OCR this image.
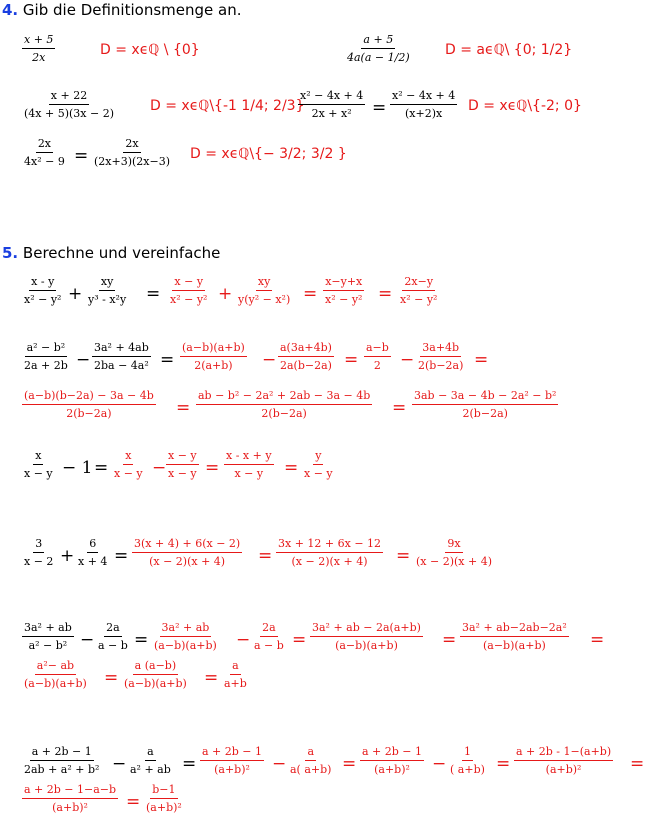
4. Gib die Definitionsmenge an.
$\frac{x + 5}{2x}$	D = xϵℚ \ {0}	$\frac{a + 5}{4a(a - 1/2)}$ D = aϵℚ\ {0; 1/2}
$\frac{x + 22}{(4x + 5)(3x - 2)}$ D = xϵℚ\{-1 1/4; 2/3}
$\frac{\text{x² − 4x + 4}}{\text{2x + x²}} = \frac{\text{x² − 4x + 4}}{(x+2)x}$ D = xϵℚ\{-2; 0}
$\frac{2x}{\text{4x² − 9}} = \frac{2x}{(2x+3)(2x-3)}$ D = xϵℚ\{− 3/2; 3/2 }
5. Berechne und vereinfache
$\frac{x - y}{\text{x² − y²}} + \frac{xy}{\text{y³ - x²y}} = \frac{x - y}{\text{x² − y²}} + \frac{xy}{\text{y(y² − x²)}} = \frac{x-y+x}{\text{x² − y²}} = \frac{2x-y}{\text{x² − y²}}$
$\frac{\text{a² − b²}}{2a + 2b} - \frac{\text{3a² + 4ab}}{\text{2ba − 4a²}} = \frac{(a-b)(a+b)}{2(a+b)} - \frac{a(3a+4b)}{2a(b-2a)} = \frac{a-b}{2} - \frac{3a+4b}{2(b-2a)}$ =
$\frac{(a-b)(b-2a) - 3a - 4b}{2(b-2a)} = \frac{\text{ab − b² − 2a² + 2ab − 3a − 4b}}{2(b-2a)} = \frac{\text{3ab − 3a − 4b − 2a² − b²}}{2(b-2a)}$
$\frac{x}{x - y} - 1 = \frac{x}{x - y} - \frac{x - y}{x - y} = \frac{x - x + y}{x - y} = \frac{y}{x - y}$
$\frac{3}{x - 2} + \frac{6}{x + 4} = \frac{3(x + 4) + 6(x - 2)}{(x - 2)(x + 4)} = \frac{3x + 12 + 6x - 12}{(x - 2)(x + 4)} = \frac{9x}{(x - 2)(x + 4)}$
$\frac{\text{3a² + ab}}{\text{a² − b²}} - \frac{2a}{a - b} = \frac{\text{3a² + ab}}{(a-b)(a+b)} - \frac{2a}{a - b} = \frac{\text{3a² + ab − 2a(a+b)}}{(a-b)(a+b)} = \frac{\text{3a² + ab−2ab−2a²}}{(a-b)(a+b)}$ =
$\frac{\text{a²− ab}}{(a-b)(a+b)} = \frac{a (a-b)}{(a-b)(a+b)} = \frac{a}{a+b}$
$\frac{a + 2b - 1}{\text{2ab + a² + b²}} - \frac{a}{\text{a² + ab}} = \frac{a + 2b - 1}{\text{(a+b)²}} - \frac{a}{a( a+b)} = \frac{a + 2b - 1}{\text{(a+b)²}} - \frac{1}{( a+b)} = \frac{a + 2b - 1-(a+b)}{\text{(a+b)²}}$ =
$\frac{a + 2b - 1-a-b}{\text{(a+b)²}} = \frac{b-1}{\text{(a+b)²}}$
